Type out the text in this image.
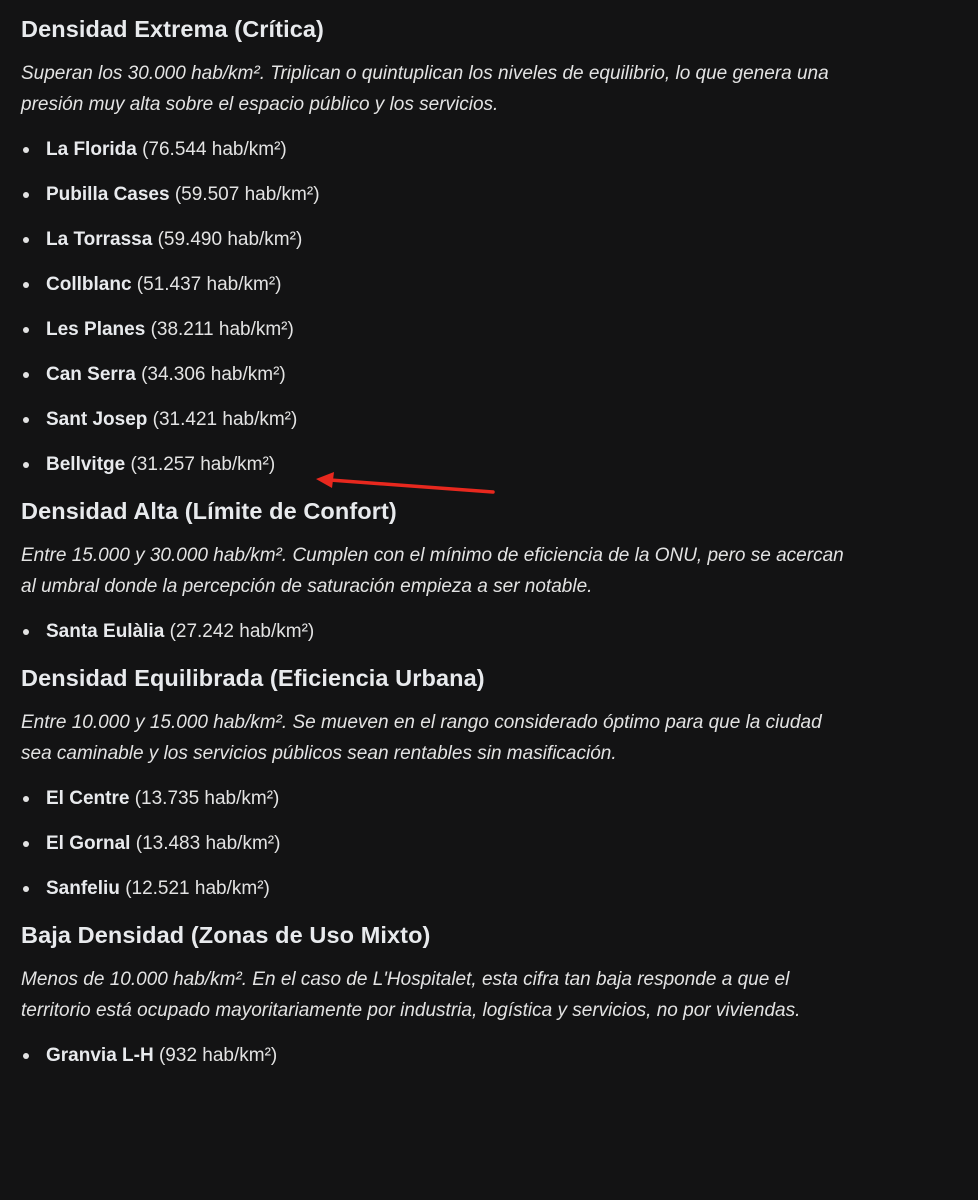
Densidad Extrema (Crítica)

Superan los 30.000 hab/km². Triplican o quintuplican los niveles de equilibrio, lo que genera una presión muy alta sobre el espacio público y los servicios.

La Florida (76.544 hab/km²)
Pubilla Cases (59.507 hab/km²)
La Torrassa (59.490 hab/km²)
Collblanc (51.437 hab/km²)
Les Planes (38.211 hab/km²)
Can Serra (34.306 hab/km²)
Sant Josep (31.421 hab/km²)
Bellvitge (31.257 hab/km²)
Densidad Alta (Límite de Confort)

Entre 15.000 y 30.000 hab/km². Cumplen con el mínimo de eficiencia de la ONU, pero se acercan al umbral donde la percepción de saturación empieza a ser notable.

Santa Eulàlia (27.242 hab/km²)
Densidad Equilibrada (Eficiencia Urbana)

Entre 10.000 y 15.000 hab/km². Se mueven en el rango considerado óptimo para que la ciudad sea caminable y los servicios públicos sean rentables sin masificación.

El Centre (13.735 hab/km²)
El Gornal (13.483 hab/km²)
Sanfeliu (12.521 hab/km²)
Baja Densidad (Zonas de Uso Mixto)

Menos de 10.000 hab/km². En el caso de L'Hospitalet, esta cifra tan baja responde a que el territorio está ocupado mayoritariamente por industria, logística y servicios, no por viviendas.

Granvia L-H (932 hab/km²)
